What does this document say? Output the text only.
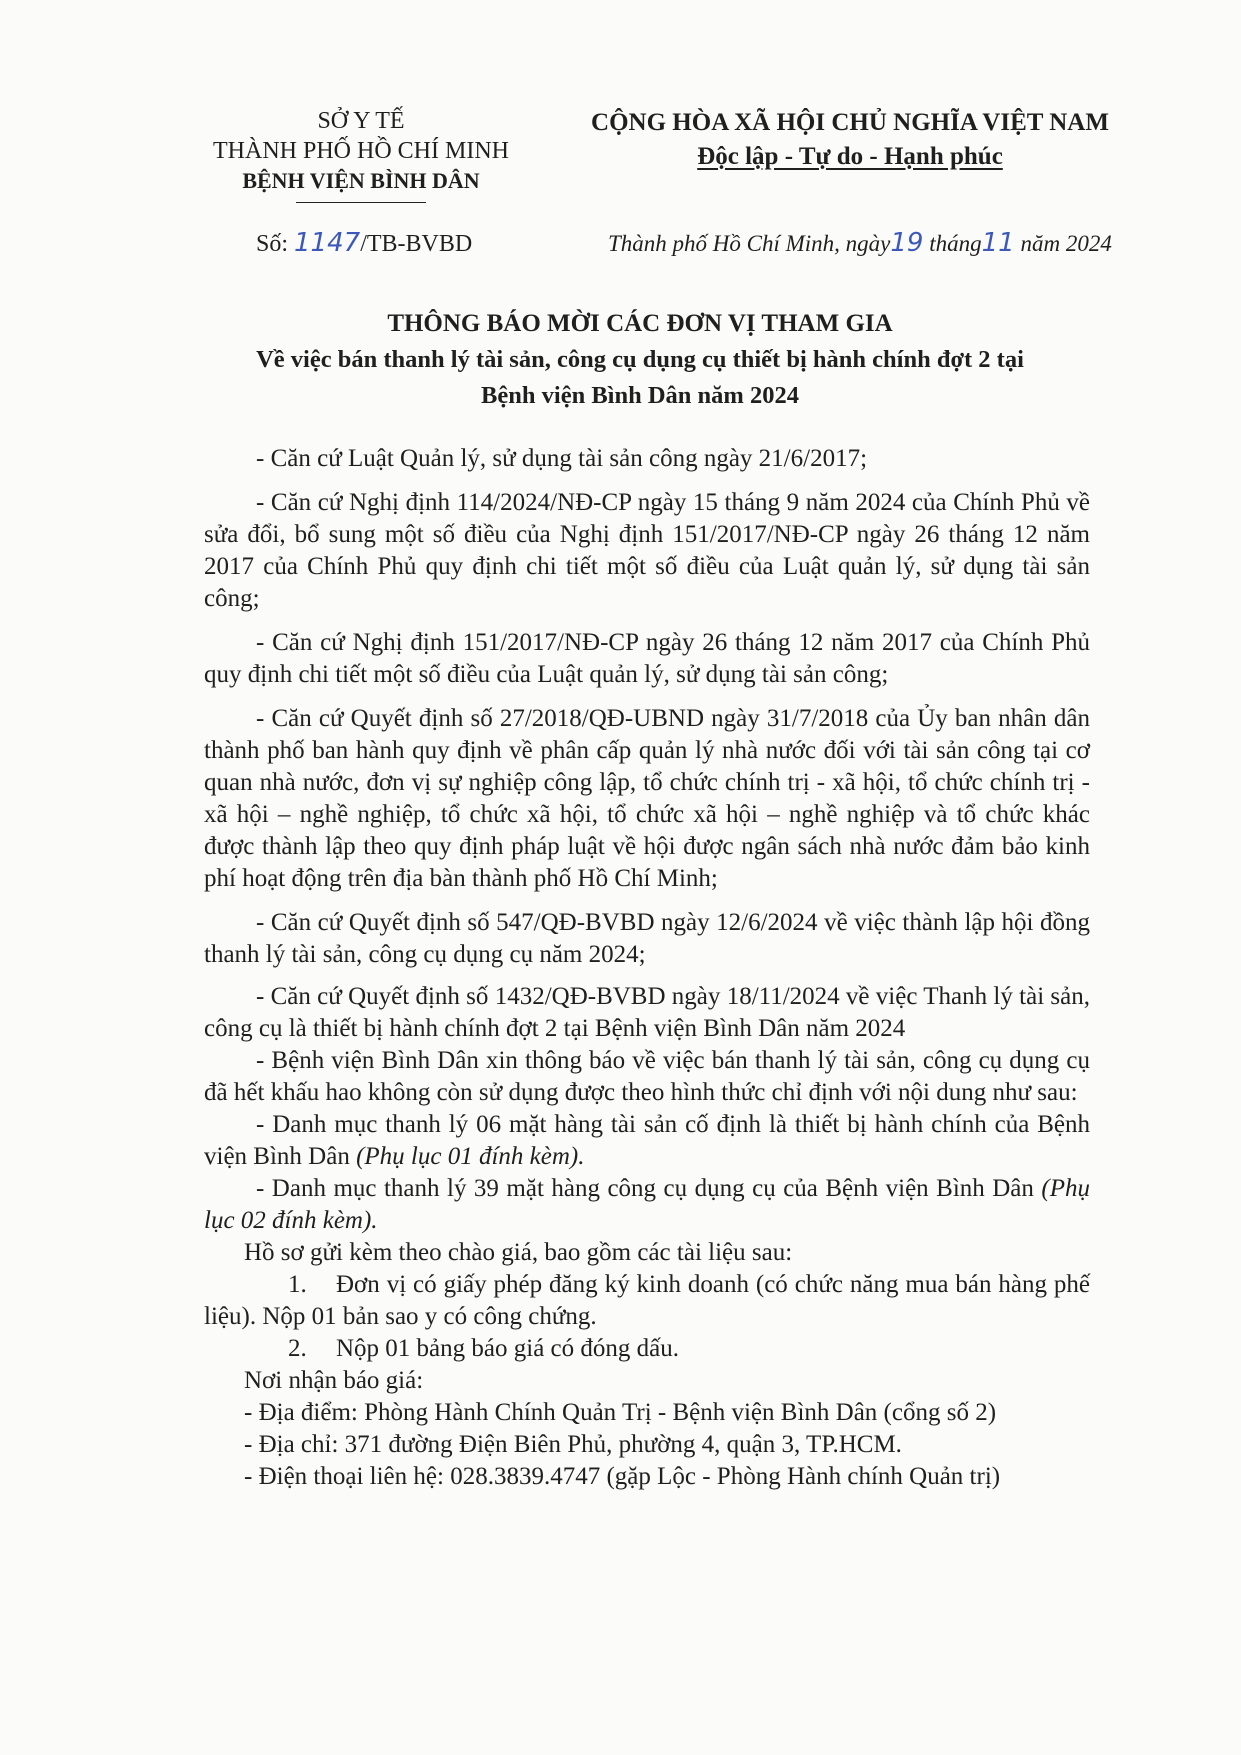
SỞ Y TẾ
THÀNH PHỐ HỒ CHÍ MINH
BỆNH VIỆN BÌNH DÂN
CỘNG HÒA XÃ HỘI CHỦ NGHĨA VIỆT NAM
Độc lập - Tự do - Hạnh phúc
Số: 1147/TB-BVBD	Thành phố Hồ Chí Minh, ngày19 tháng11 năm 2024
THÔNG BÁO MỜI CÁC ĐƠN VỊ THAM GIA
Về việc bán thanh lý tài sản, công cụ dụng cụ thiết bị hành chính đợt 2 tại
Bệnh viện Bình Dân năm 2024

- Căn cứ Luật Quản lý, sử dụng tài sản công ngày 21/6/2017;

- Căn cứ Nghị định 114/2024/NĐ-CP ngày 15 tháng 9 năm 2024 của Chính Phủ về sửa đổi, bổ sung một số điều của Nghị định 151/2017/NĐ-CP ngày 26 tháng 12 năm 2017 của Chính Phủ quy định chi tiết một số điều của Luật quản lý, sử dụng tài sản công;

- Căn cứ Nghị định 151/2017/NĐ-CP ngày 26 tháng 12 năm 2017 của Chính Phủ quy định chi tiết một số điều của Luật quản lý, sử dụng tài sản công;

- Căn cứ Quyết định số 27/2018/QĐ-UBND ngày 31/7/2018 của Ủy ban nhân dân thành phố ban hành quy định về phân cấp quản lý nhà nước đối với tài sản công tại cơ quan nhà nước, đơn vị sự nghiệp công lập, tổ chức chính trị - xã hội, tổ chức chính trị - xã hội – nghề nghiệp, tổ chức xã hội, tổ chức xã hội – nghề nghiệp và tổ chức khác được thành lập theo quy định pháp luật về hội được ngân sách nhà nước đảm bảo kinh phí hoạt động trên địa bàn thành phố Hồ Chí Minh;

- Căn cứ Quyết định số 547/QĐ-BVBD ngày 12/6/2024 về việc thành lập hội đồng thanh lý tài sản, công cụ dụng cụ năm 2024;

- Căn cứ Quyết định số 1432/QĐ-BVBD ngày 18/11/2024 về việc Thanh lý tài sản, công cụ là thiết bị hành chính đợt 2 tại Bệnh viện Bình Dân năm 2024

- Bệnh viện Bình Dân xin thông báo về việc bán thanh lý tài sản, công cụ dụng cụ đã hết khấu hao không còn sử dụng được theo hình thức chỉ định với nội dung như sau:

- Danh mục thanh lý 06 mặt hàng tài sản cố định là thiết bị hành chính của Bệnh viện Bình Dân (Phụ lục 01 đính kèm).

- Danh mục thanh lý 39 mặt hàng công cụ dụng cụ của Bệnh viện Bình Dân (Phụ lục 02 đính kèm).

Hồ sơ gửi kèm theo chào giá, bao gồm các tài liệu sau:

1. Đơn vị có giấy phép đăng ký kinh doanh (có chức năng mua bán hàng phế liệu). Nộp 01 bản sao y có công chứng.

2. Nộp 01 bảng báo giá có đóng dấu.

Nơi nhận báo giá:

- Địa điểm: Phòng Hành Chính Quản Trị - Bệnh viện Bình Dân (cổng số 2)

- Địa chỉ: 371 đường Điện Biên Phủ, phường 4, quận 3, TP.HCM.

- Điện thoại liên hệ: 028.3839.4747 (gặp Lộc - Phòng Hành chính Quản trị)
